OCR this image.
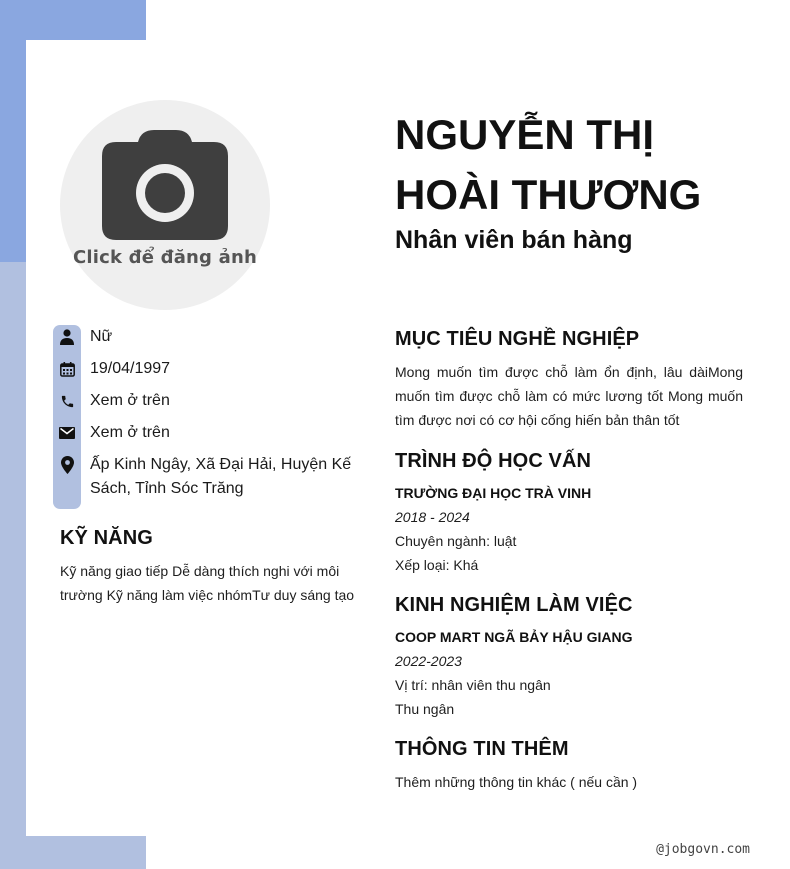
Click để đăng ảnh
Nữ
19/04/1997
Xem ở trên
Xem ở trên
Ấp Kinh Ngây, Xã Đại Hải, Huyện Kế Sách, Tỉnh Sóc Trăng
KỸ NĂNG
Kỹ năng giao tiếp Dễ dàng thích nghi với môi trường Kỹ năng làm việc nhómTư duy sáng tạo
NGUYỄN THỊ HOÀI THƯƠNG
Nhân viên bán hàng
MỤC TIÊU NGHỀ NGHIỆP
Mong muốn tìm được chỗ làm ổn định, lâu dàiMong muốn tìm được chỗ làm có mức lương tốt Mong muốn tìm được nơi có cơ hội cống hiến bản thân tốt
TRÌNH ĐỘ HỌC VẤN
TRƯỜNG ĐẠI HỌC TRÀ VINH
2018 - 2024
Chuyên ngành: luật
Xếp loại: Khá
KINH NGHIỆM LÀM VIỆC
COOP MART NGÃ BẢY HẬU GIANG
2022-2023
Vị trí: nhân viên thu ngân
Thu ngân
THÔNG TIN THÊM
Thêm những thông tin khác ( nếu cần )
@jobgovn.com
